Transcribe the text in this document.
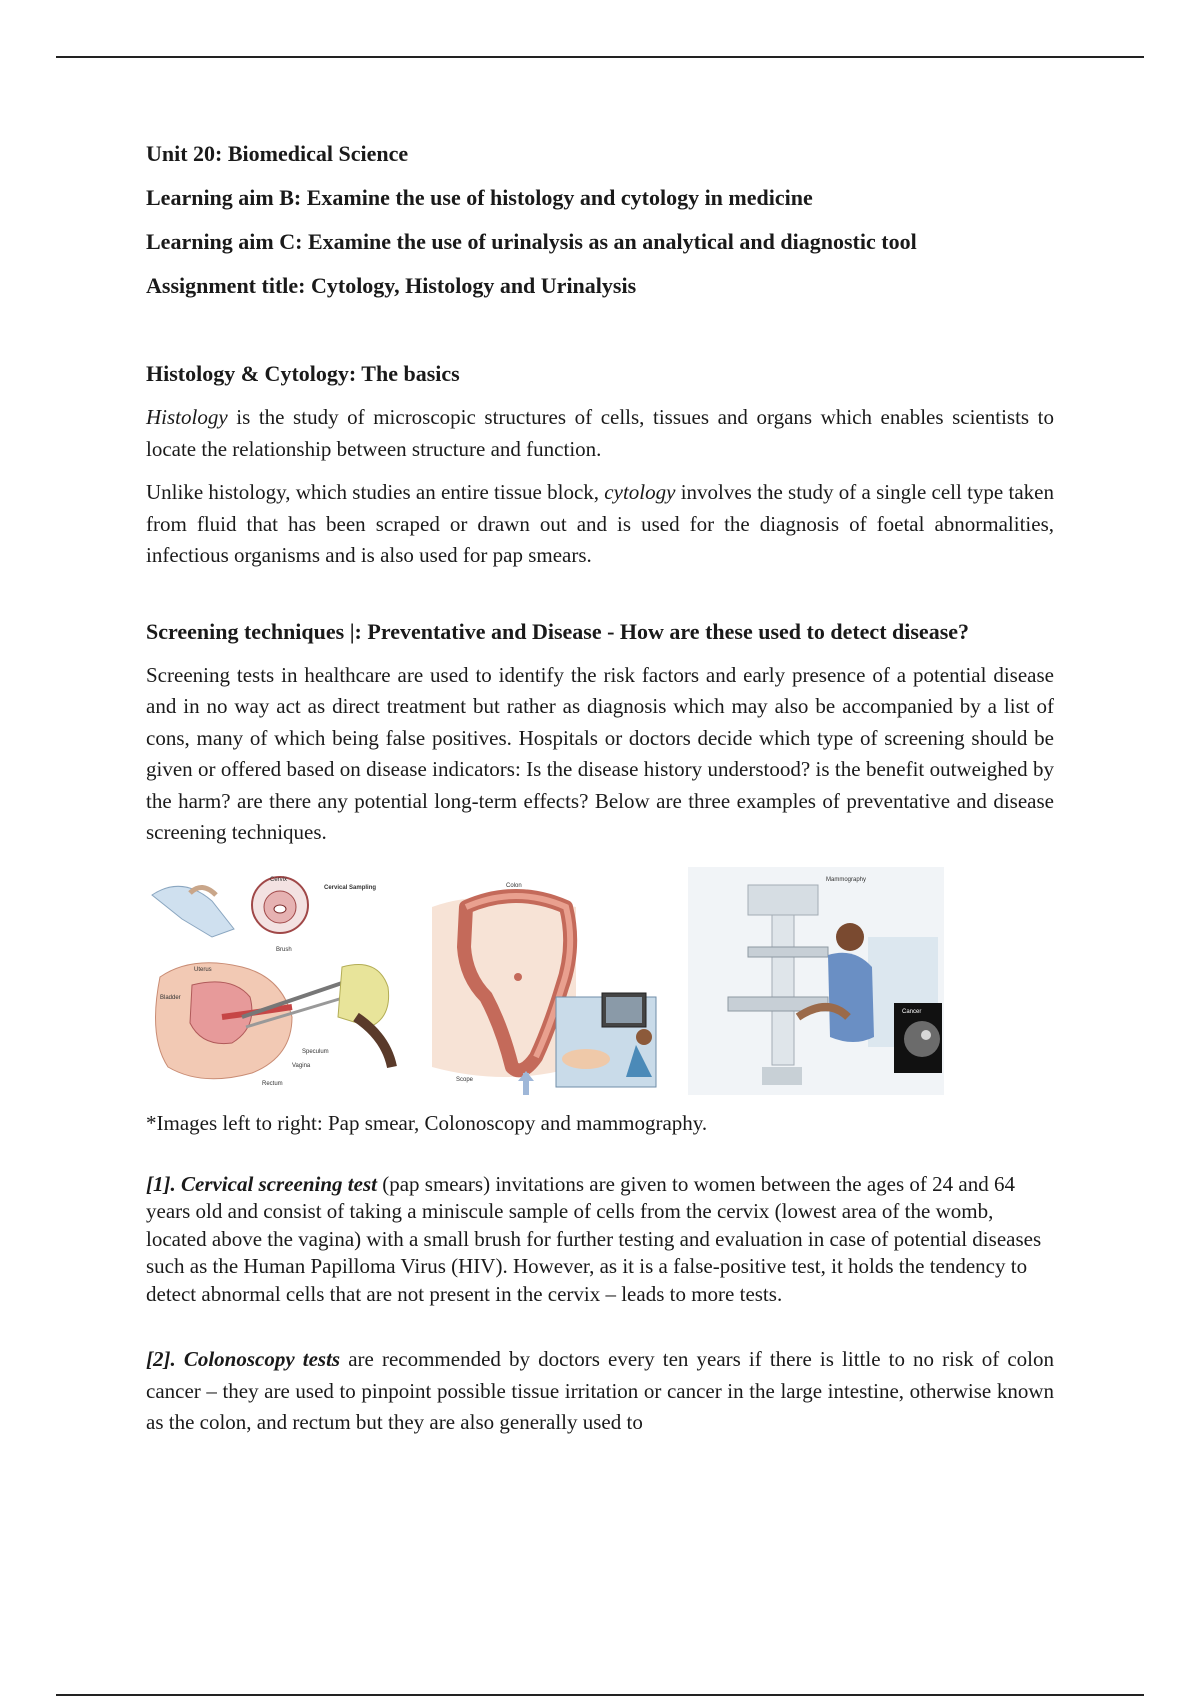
Unit 20: Biomedical Science
Learning aim B: Examine the use of histology and cytology in medicine
Learning aim C: Examine the use of urinalysis as an analytical and diagnostic tool
Assignment title: Cytology, Histology and Urinalysis
Histology & Cytology: The basics

Histology is the study of microscopic structures of cells, tissues and organs which enables scientists to locate the relationship between structure and function.

Unlike histology, which studies an entire tissue block, cytology involves the study of a single cell type taken from fluid that has been scraped or drawn out and is used for the diagnosis of foetal abnormalities, infectious organisms and is also used for pap smears.

Screening techniques |: Preventative and Disease - How are these used to detect disease?

Screening tests in healthcare are used to identify the risk factors and early presence of a potential disease and in no way act as direct treatment but rather as diagnosis which may also be accompanied by a list of cons, many of which being false positives. Hospitals or doctors decide which type of screening should be given or offered based on disease indicators: Is the disease history understood? is the benefit outweighed by the harm? are there any potential long-term effects? Below are three examples of preventative and disease screening techniques.

Cervix
Cervical Sampling
Brush
Uterus
Bladder
Speculum
Vagina
Rectum
Colon
Scope
Mammography
Cancer
*Images left to right: Pap smear, Colonoscopy and mammography.

[1]. Cervical screening test (pap smears) invitations are given to women between the ages of 24 and 64 years old and consist of taking a miniscule sample of cells from the cervix (lowest area of the womb, located above the vagina) with a small brush for further testing and evaluation in case of potential diseases such as the Human Papilloma Virus (HIV). However, as it is a false-positive test, it holds the tendency to detect abnormal cells that are not present in the cervix – leads to more tests.

[2]. Colonoscopy tests are recommended by doctors every ten years if there is little to no risk of colon cancer – they are used to pinpoint possible tissue irritation or cancer in the large intestine, otherwise known as the colon, and rectum but they are also generally used to
